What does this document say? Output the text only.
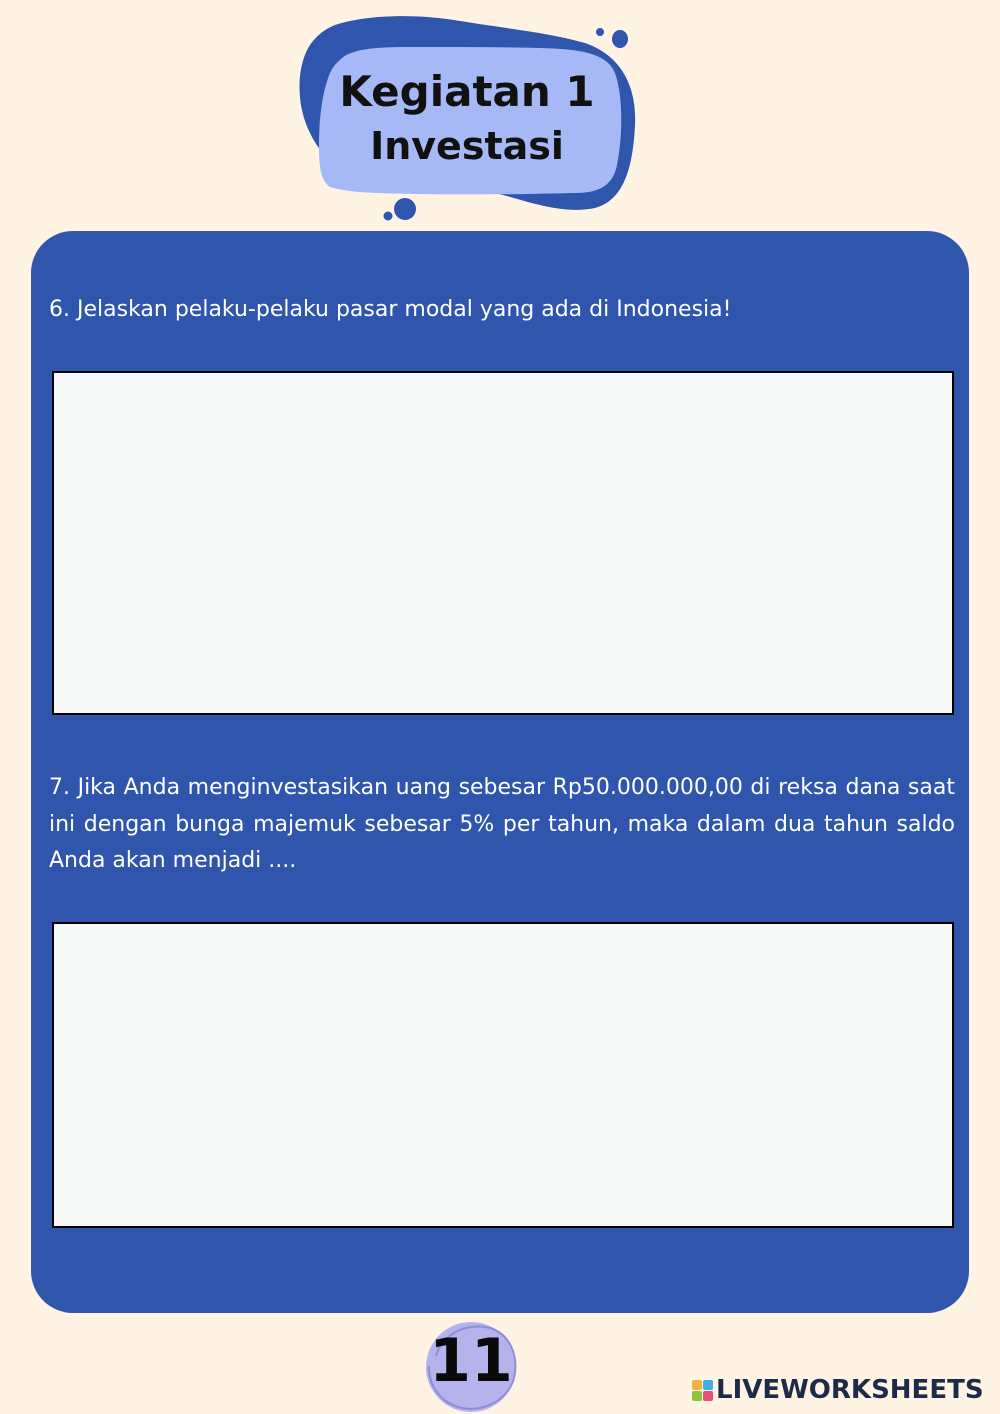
Kegiatan 1
Investasi

6. Jelaskan pelaku-pelaku pasar modal yang ada di Indonesia!

7. Jika Anda menginvestasikan uang sebesar Rp50.000.000,00 di reksa dana saat ini dengan bunga majemuk sebesar 5% per tahun, maka dalam dua tahun saldo Anda akan menjadi ....

11	LIVEWORKSHEETS
